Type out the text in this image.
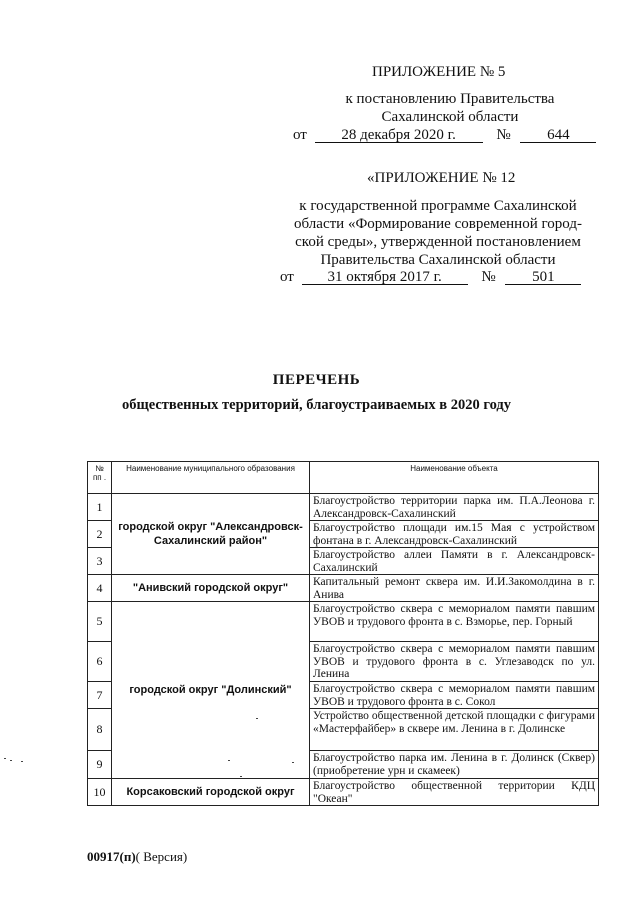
ПРИЛОЖЕНИЕ № 5
к постановлению Правительства
Сахалинской области
от 28 декабря 2020 г.	№ 644
«ПРИЛОЖЕНИЕ № 12
к государственной программе Сахалинской
области «Формирование современной город-
ской среды», утвержденной постановлением
Правительства Сахалинской области
от 31 октября 2017 г.	№ 501
ПЕРЕЧЕНЬ
общественных территорий, благоустраиваемых в 2020 году
№ пп .	Наименование муниципального образования	Наименование объекта
1	городской округ "Александровск-Сахалинский район"	Благоустройство территории парка им. П.А.Леонова г. Александровск-Сахалинский
2		Благоустройство площади им.15 Мая с устройством фонтана в г. Александровск-Сахалинский
3		Благоустройство аллеи Памяти в г. Александровск-Сахалинский
4	"Анивский городской округ"	Капитальный ремонт сквера им. И.И.Закомолдина в г. Анива
5	городской округ "Долинский"	Благоустройство сквера с мемориалом памяти павшим УВОВ и трудового фронта в с. Взморье, пер. Горный
6		Благоустройство сквера с мемориалом памяти павшим УВОВ и трудового фронта в с. Углезаводск по ул. Ленина
7		Благоустройство сквера с мемориалом памяти павшим УВОВ и трудового фронта в с. Сокол
8		Устройство общественной детской площадки с фигурами «Мастерфайбер» в сквере им. Ленина в г. Долинске
9		Благоустройство парка им. Ленина в г. Долинск (Сквер) (приобретение урн и скамеек)
10	Корсаковский городской округ	Благоустройство общественной территории КДЦ "Океан"
00917(п)( Версия)
